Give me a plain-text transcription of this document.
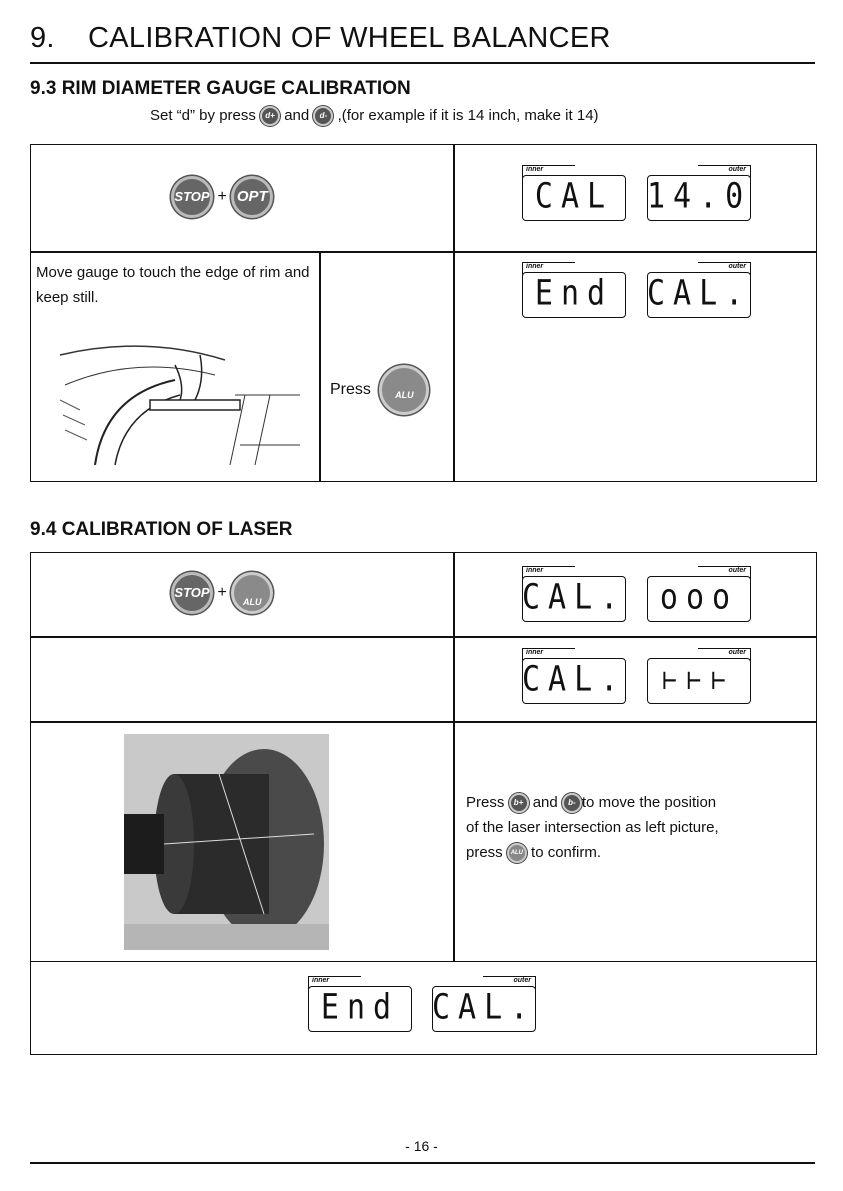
9. CALIBRATION OF WHEEL BALANCER
9.3 RIM DIAMETER GAUGE CALIBRATION
Set “d” by press d+ and d- ,(for example if it is 14 inch, make it 14)
STOP + OPT
inner
CAL
outer
14.0
Move gauge to touch the edge of rim and keep still.
Press	ALU
inner
End
outer
CAL.
9.4 CALIBRATION OF LASER
STOP +
ALU
inner
CAL.
outer
ooo
inner
CAL.
outer
⊢⊢⊢
Press b+ and b- to move the position
of the laser intersection as left picture,
press ALU to confirm.
inner
End
outer
CAL.
- 16 -
